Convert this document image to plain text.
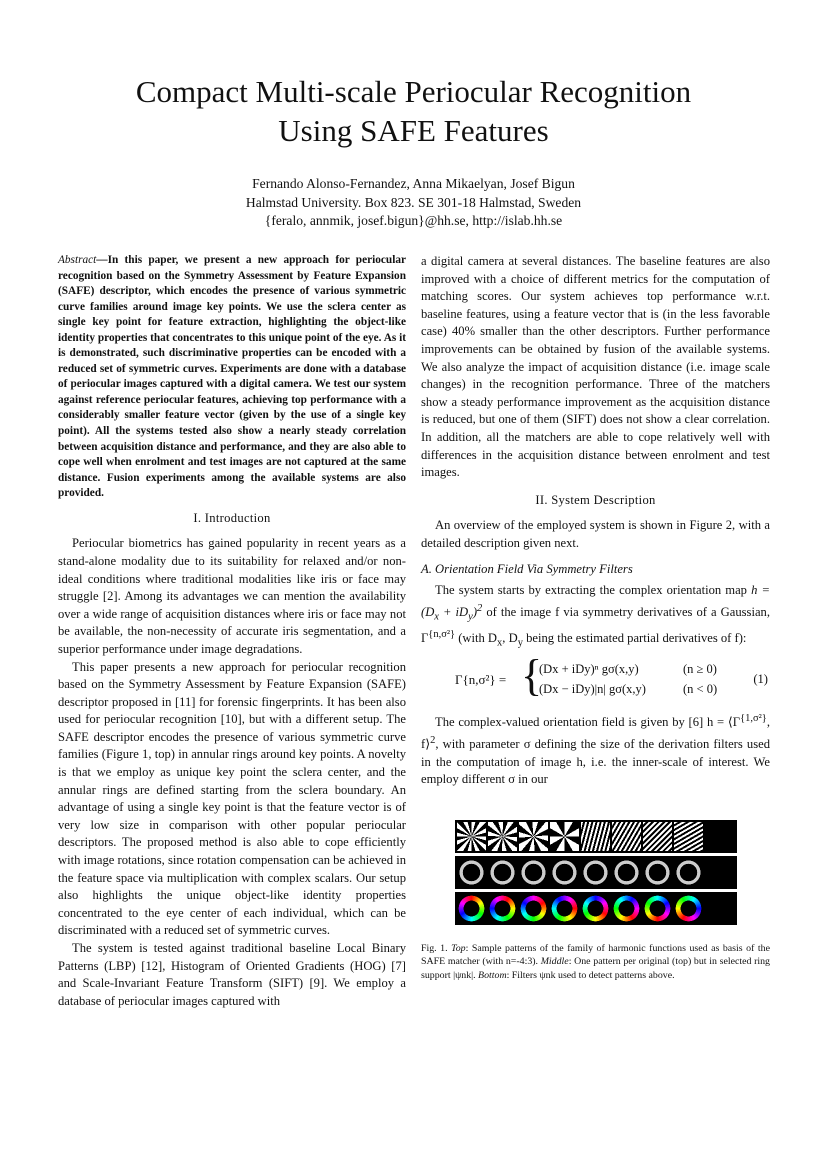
Compact Multi-scale Periocular Recognition
Using SAFE Features
Fernando Alonso-Fernandez, Anna Mikaelyan, Josef Bigun
Halmstad University. Box 823. SE 301-18 Halmstad, Sweden
{feralo, annmik, josef.bigun}@hh.se, http://islab.hh.se
Abstract—In this paper, we present a new approach for periocular recognition based on the Symmetry Assessment by Feature Expansion (SAFE) descriptor, which encodes the presence of various symmetric curve families around image key points. We use the sclera center as single key point for feature extraction, highlighting the object-like identity properties that concentrates to this unique point of the eye. As it is demonstrated, such discriminative properties can be encoded with a reduced set of symmetric curves. Experiments are done with a database of periocular images captured with a digital camera. We test our system against reference periocular features, achieving top performance with a considerably smaller feature vector (given by the use of a single key point). All the systems tested also show a nearly steady correlation between acquisition distance and performance, and they are also able to cope well when enrolment and test images are not captured at the same distance. Fusion experiments among the available systems are also provided.
I. Introduction

Periocular biometrics has gained popularity in recent years as a stand-alone modality due to its suitability for relaxed and/or non-ideal conditions where traditional modalities like iris or face may struggle [2]. Among its advantages we can mention the availability over a wide range of acquisition distances where iris or face may not be available, the non-necessity of accurate iris segmentation, and a superior performance under image degradations.

This paper presents a new approach for periocular recognition based on the Symmetry Assessment by Feature Expansion (SAFE) descriptor proposed in [11] for forensic fingerprints. It has been also used for periocular recognition [10], but with a different setup. The SAFE descriptor encodes the presence of various symmetric curve families (Figure 1, top) in annular rings around key points. A novelty is that we employ as unique key point the sclera center, and the annular rings are defined starting from the sclera boundary. An advantage of using a single key point is that the feature vector is of very low size in comparison with other popular periocular descriptors. The proposed method is also able to cope efficiently with image rotations, since rotation compensation can be achieved in the feature space via multiplication with complex scalars. Our setup also highlights the unique object-like identity properties concentrated to the eye center of each individual, which can be discriminated with a reduced set of symmetric curves.

The system is tested against traditional baseline Local Binary Patterns (LBP) [12], Histogram of Oriented Gradients (HOG) [7] and Scale-Invariant Feature Transform (SIFT) [9]. We employ a database of periocular images captured with

a digital camera at several distances. The baseline features are also improved with a choice of different metrics for the computation of matching scores. Our system achieves top performance w.r.t. baseline features, using a feature vector that is (in the less favorable case) 40% smaller than the other descriptors. Further performance improvements can be obtained by fusion of the available systems. We also analyze the impact of acquisition distance (i.e. image scale changes) in the recognition performance. Three of the matchers show a steady performance improvement as the acquisition distance is reduced, but one of them (SIFT) does not show a clear correlation. In addition, all the matchers are able to cope relatively well with differences in the acquisition distance between enrolment and test images.

II. System Description

An overview of the employed system is shown in Figure 2, with a detailed description given next.

A. Orientation Field Via Symmetry Filters

The system starts by extracting the complex orientation map $h = (D_x + iD_y)^2$ of the image f via symmetry derivatives of a Gaussian, $\Gamma^{\{n,\sigma^2\}}$ (with $D_x$, $D_y$ being the estimated partial derivatives of f):

Γ{n,σ²} = {
(Dx + iDy)ⁿ gσ(x,y)	(n ≥ 0)
(Dx − iDy)|n| gσ(x,y)	(n < 0)
(1)

The complex-valued orientation field is given by [6] $h = ⟨\Gamma^{\{1,\sigma^2\}}$, f⟩$^2$, with parameter σ defining the size of the derivation filters used in the computation of image h, i.e. the inner-scale of interest. We employ different σ in our

Fig. 1. Top: Sample patterns of the family of harmonic functions used as basis of the SAFE matcher (with n=-4:3). Middle: One pattern per original (top) but in selected ring support |ψnk|. Bottom: Filters ψnk used to detect patterns above.
